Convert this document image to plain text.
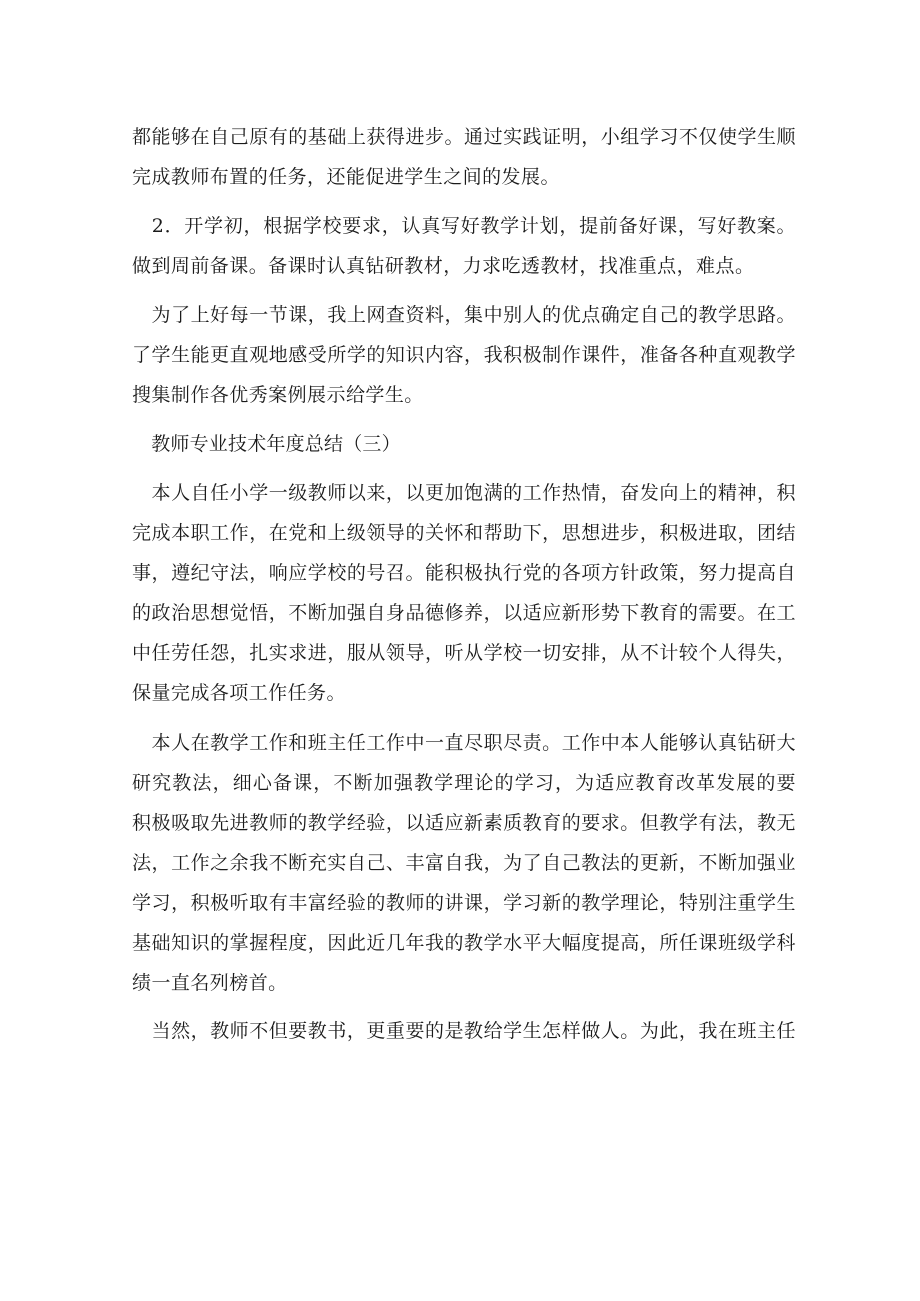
都能够在自己原有的基础上获得进步。通过实践证明，小组学习不仅使学生顺
完成教师布置的任务，还能促进学生之间的发展。
　2．开学初，根据学校要求，认真写好教学计划，提前备好课，写好教案。
做到周前备课。备课时认真钻研教材，力求吃透教材，找准重点，难点。
　为了上好每一节课，我上网查资料，集中别人的优点确定自己的教学思路。
了学生能更直观地感受所学的知识内容，我积极制作课件，准备各种直观教学
搜集制作各优秀案例展示给学生。
　教师专业技术年度总结（三）
　本人自任小学一级教师以来，以更加饱满的工作热情，奋发向上的精神，积
完成本职工作，在党和上级领导的关怀和帮助下，思想进步，积极进取，团结
事，遵纪守法，响应学校的号召。能积极执行党的各项方针政策，努力提高自
的政治思想觉悟，不断加强自身品德修养，以适应新形势下教育的需要。在工
中任劳任怨，扎实求进，服从领导，听从学校一切安排，从不计较个人得失，
保量完成各项工作任务。
　本人在教学工作和班主任工作中一直尽职尽责。工作中本人能够认真钻研大
研究教法，细心备课，不断加强教学理论的学习，为适应教育改革发展的要
积极吸取先进教师的教学经验，以适应新素质教育的要求。但教学有法，教无
法，工作之余我不断充实自己、丰富自我，为了自己教法的更新，不断加强业
学习，积极听取有丰富经验的教师的讲课，学习新的教学理论，特别注重学生
基础知识的掌握程度，因此近几年我的教学水平大幅度提高，所任课班级学科
绩一直名列榜首。
　当然，教师不但要教书，更重要的是教给学生怎样做人。为此，我在班主任
